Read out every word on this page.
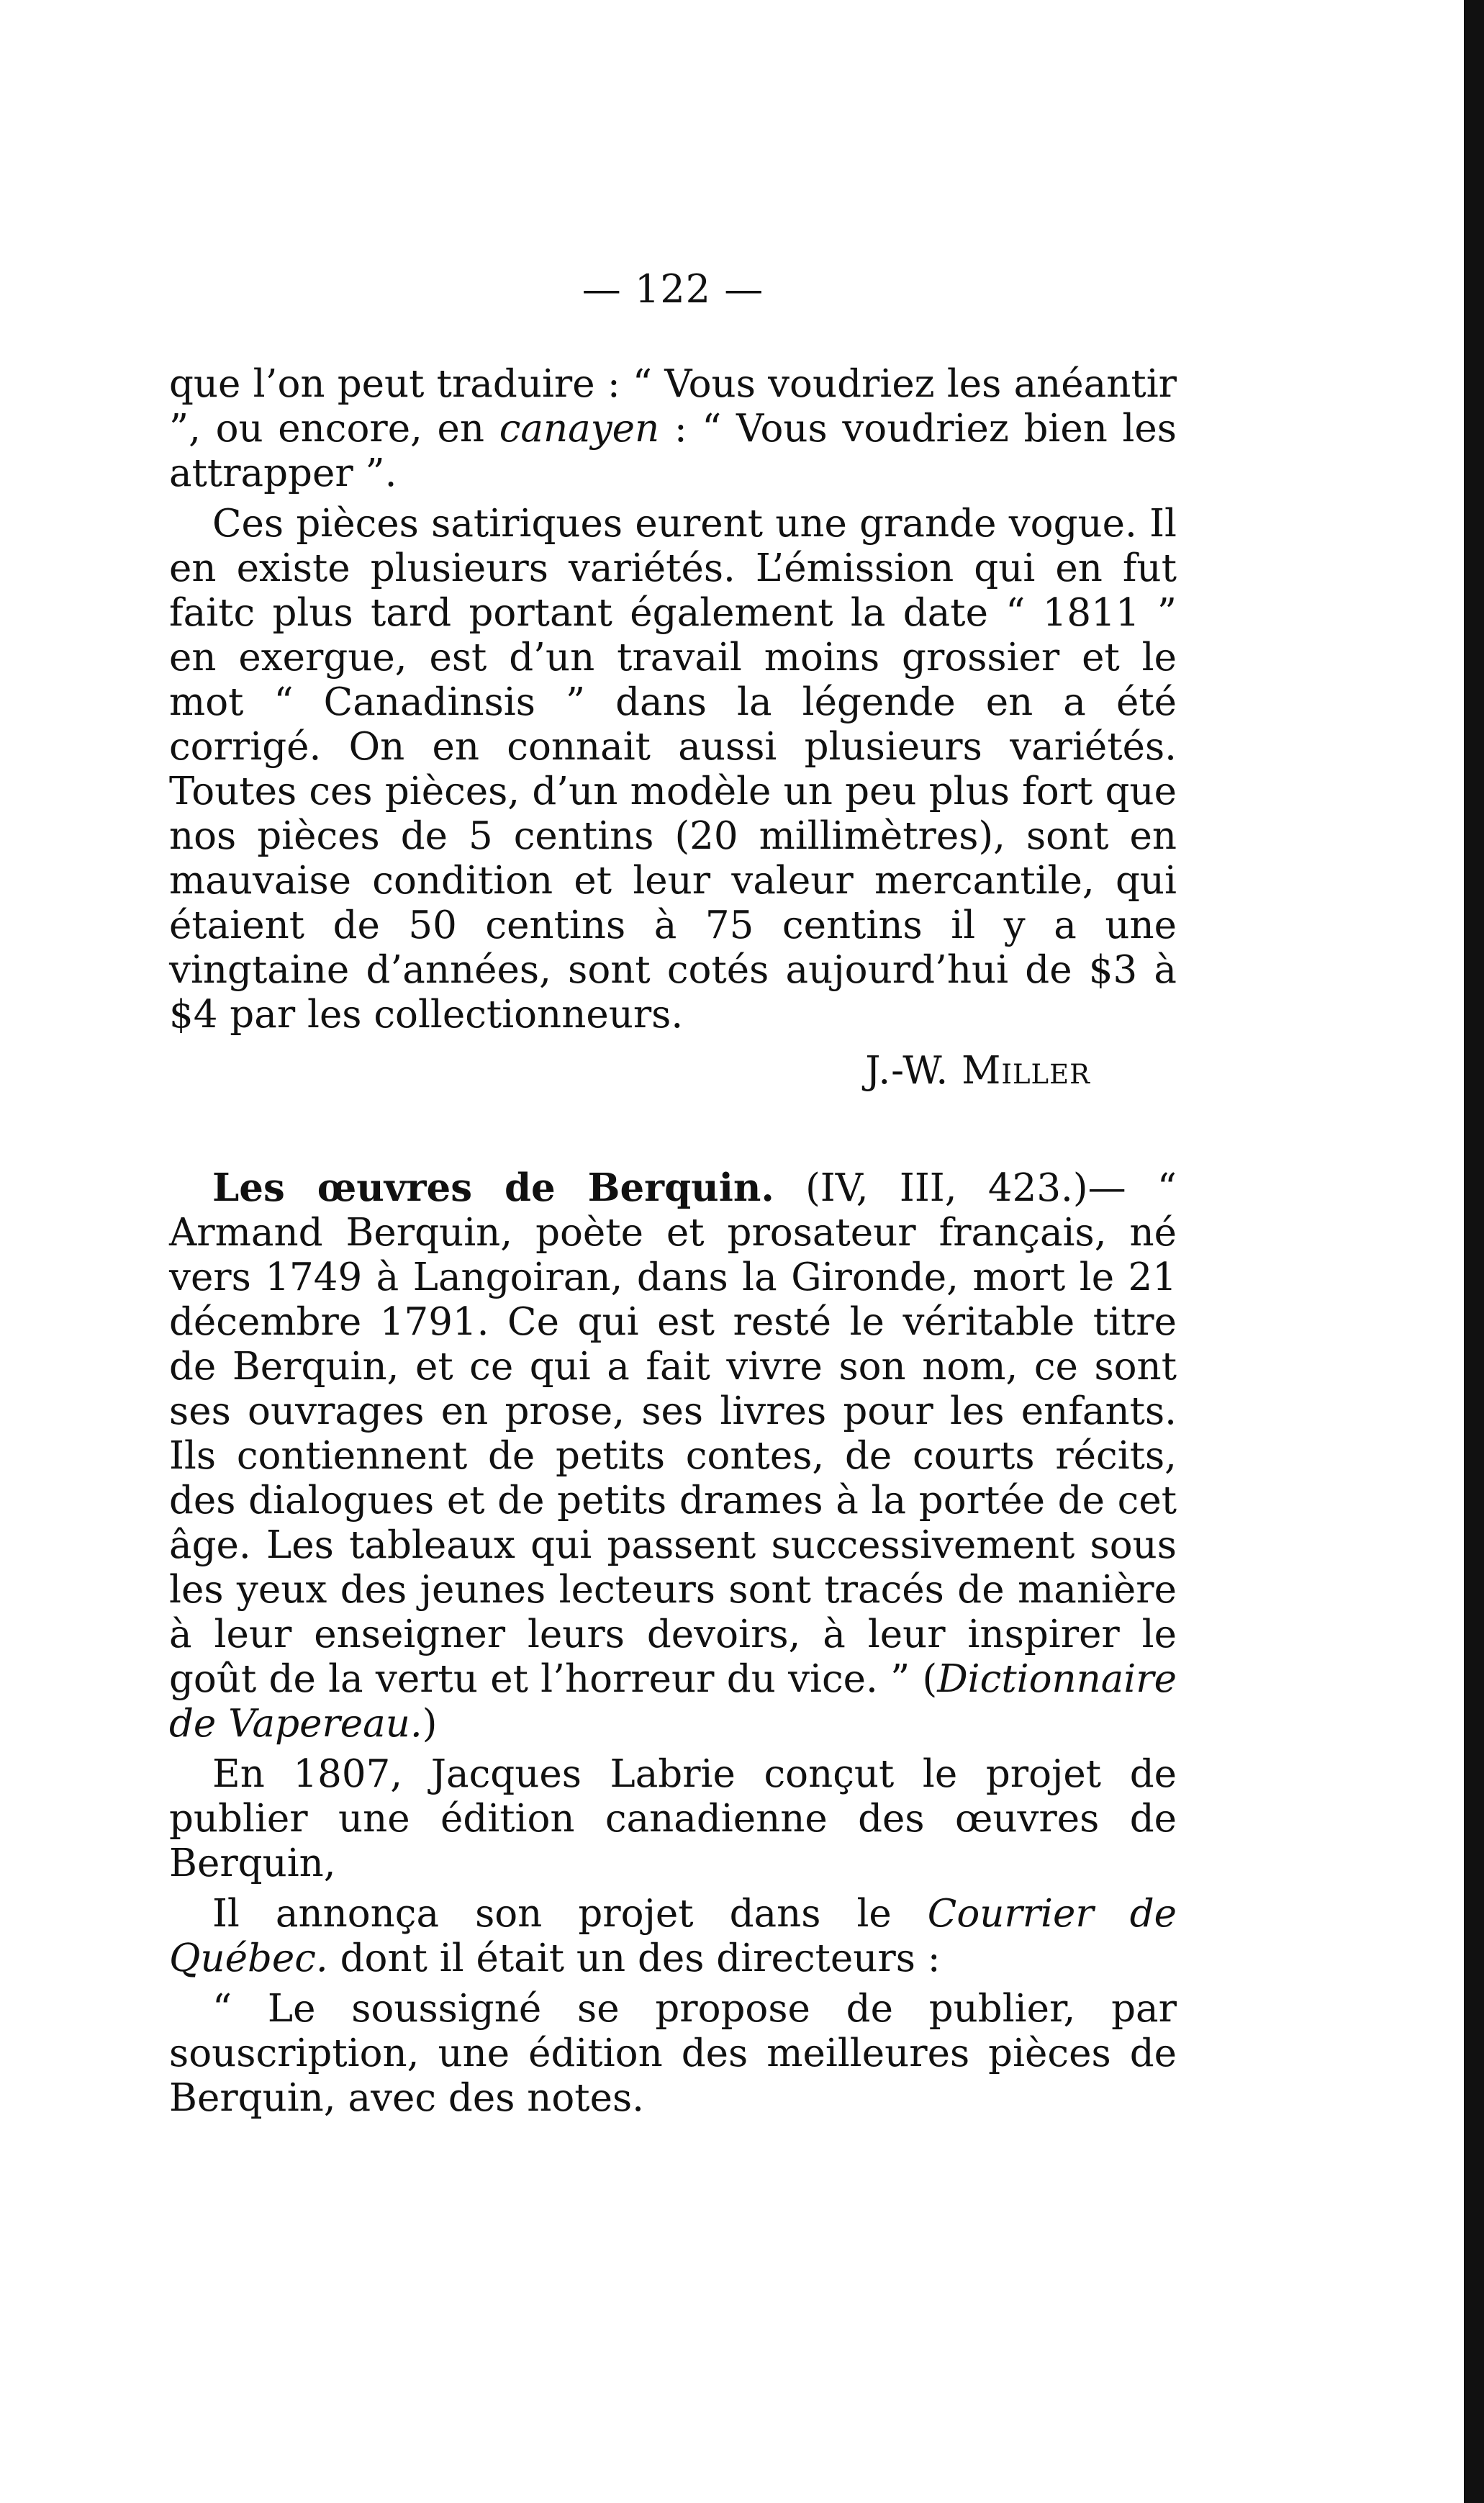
— 122 —

que l’on peut traduire : “ Vous voudriez les anéantir ”, ou encore, en canayen : “ Vous voudriez bien les attrapper ”.

Ces pièces satiriques eurent une grande vogue. Il en existe plusieurs variétés. L’émission qui en fut faitc plus tard portant également la date “ 1811 ” en exergue, est d’un travail moins grossier et le mot “ Canadinsis ” dans la légende en a été corrigé. On en connait aussi plusieurs variétés. Toutes ces pièces, d’un modèle un peu plus fort que nos pièces de 5 centins (20 millimètres), sont en mauvaise condition et leur valeur mercantile, qui étaient de 50 centins à 75 centins il y a une vingtaine d’années, sont cotés aujourd’hui de $3 à $4 par les collectionneurs.

J.-W. Miller

Les œuvres de Berquin. (IV, III, 423.)— “ Armand Berquin, poète et prosateur français, né vers 1749 à Langoiran, dans la Gironde, mort le 21 décembre 1791. Ce qui est resté le véritable titre de Berquin, et ce qui a fait vivre son nom, ce sont ses ouvrages en prose, ses livres pour les enfants. Ils contiennent de petits contes, de courts récits, des dialogues et de petits drames à la portée de cet âge. Les tableaux qui passent successivement sous les yeux des jeunes lecteurs sont tracés de manière à leur enseigner leurs devoirs, à leur inspirer le goût de la vertu et l’horreur du vice. ” (Dictionnaire de Vapereau.)

En 1807, Jacques Labrie conçut le projet de publier une édition canadienne des œuvres de Berquin,

Il annonça son projet dans le Courrier de Québec. dont il était un des directeurs :

“ Le soussigné se propose de publier, par souscription, une édition des meilleures pièces de Berquin, avec des notes.
